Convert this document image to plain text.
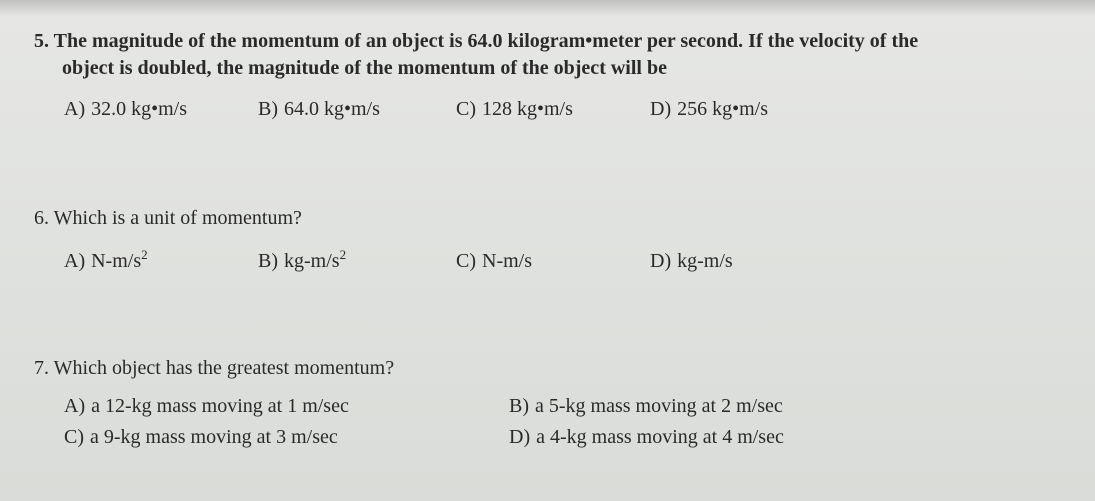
5. The magnitude of the momentum of an object is 64.0 kilogram•meter per second. If the velocity of the
object is doubled, the magnitude of the momentum of the object will be
A) 32.0 kg•m/s	B) 64.0 kg•m/s	C) 128 kg•m/s	D) 256 kg•m/s
6. Which is a unit of momentum?
A) $N-m/s^2$	B) $kg-m/s^2$	C) N-m/s	D) kg-m/s
7. Which object has the greatest momentum?
A) a 12-kg mass moving at 1 m/sec	B) a 5-kg mass moving at 2 m/sec
C) a 9-kg mass moving at 3 m/sec	D) a 4-kg mass moving at 4 m/sec
